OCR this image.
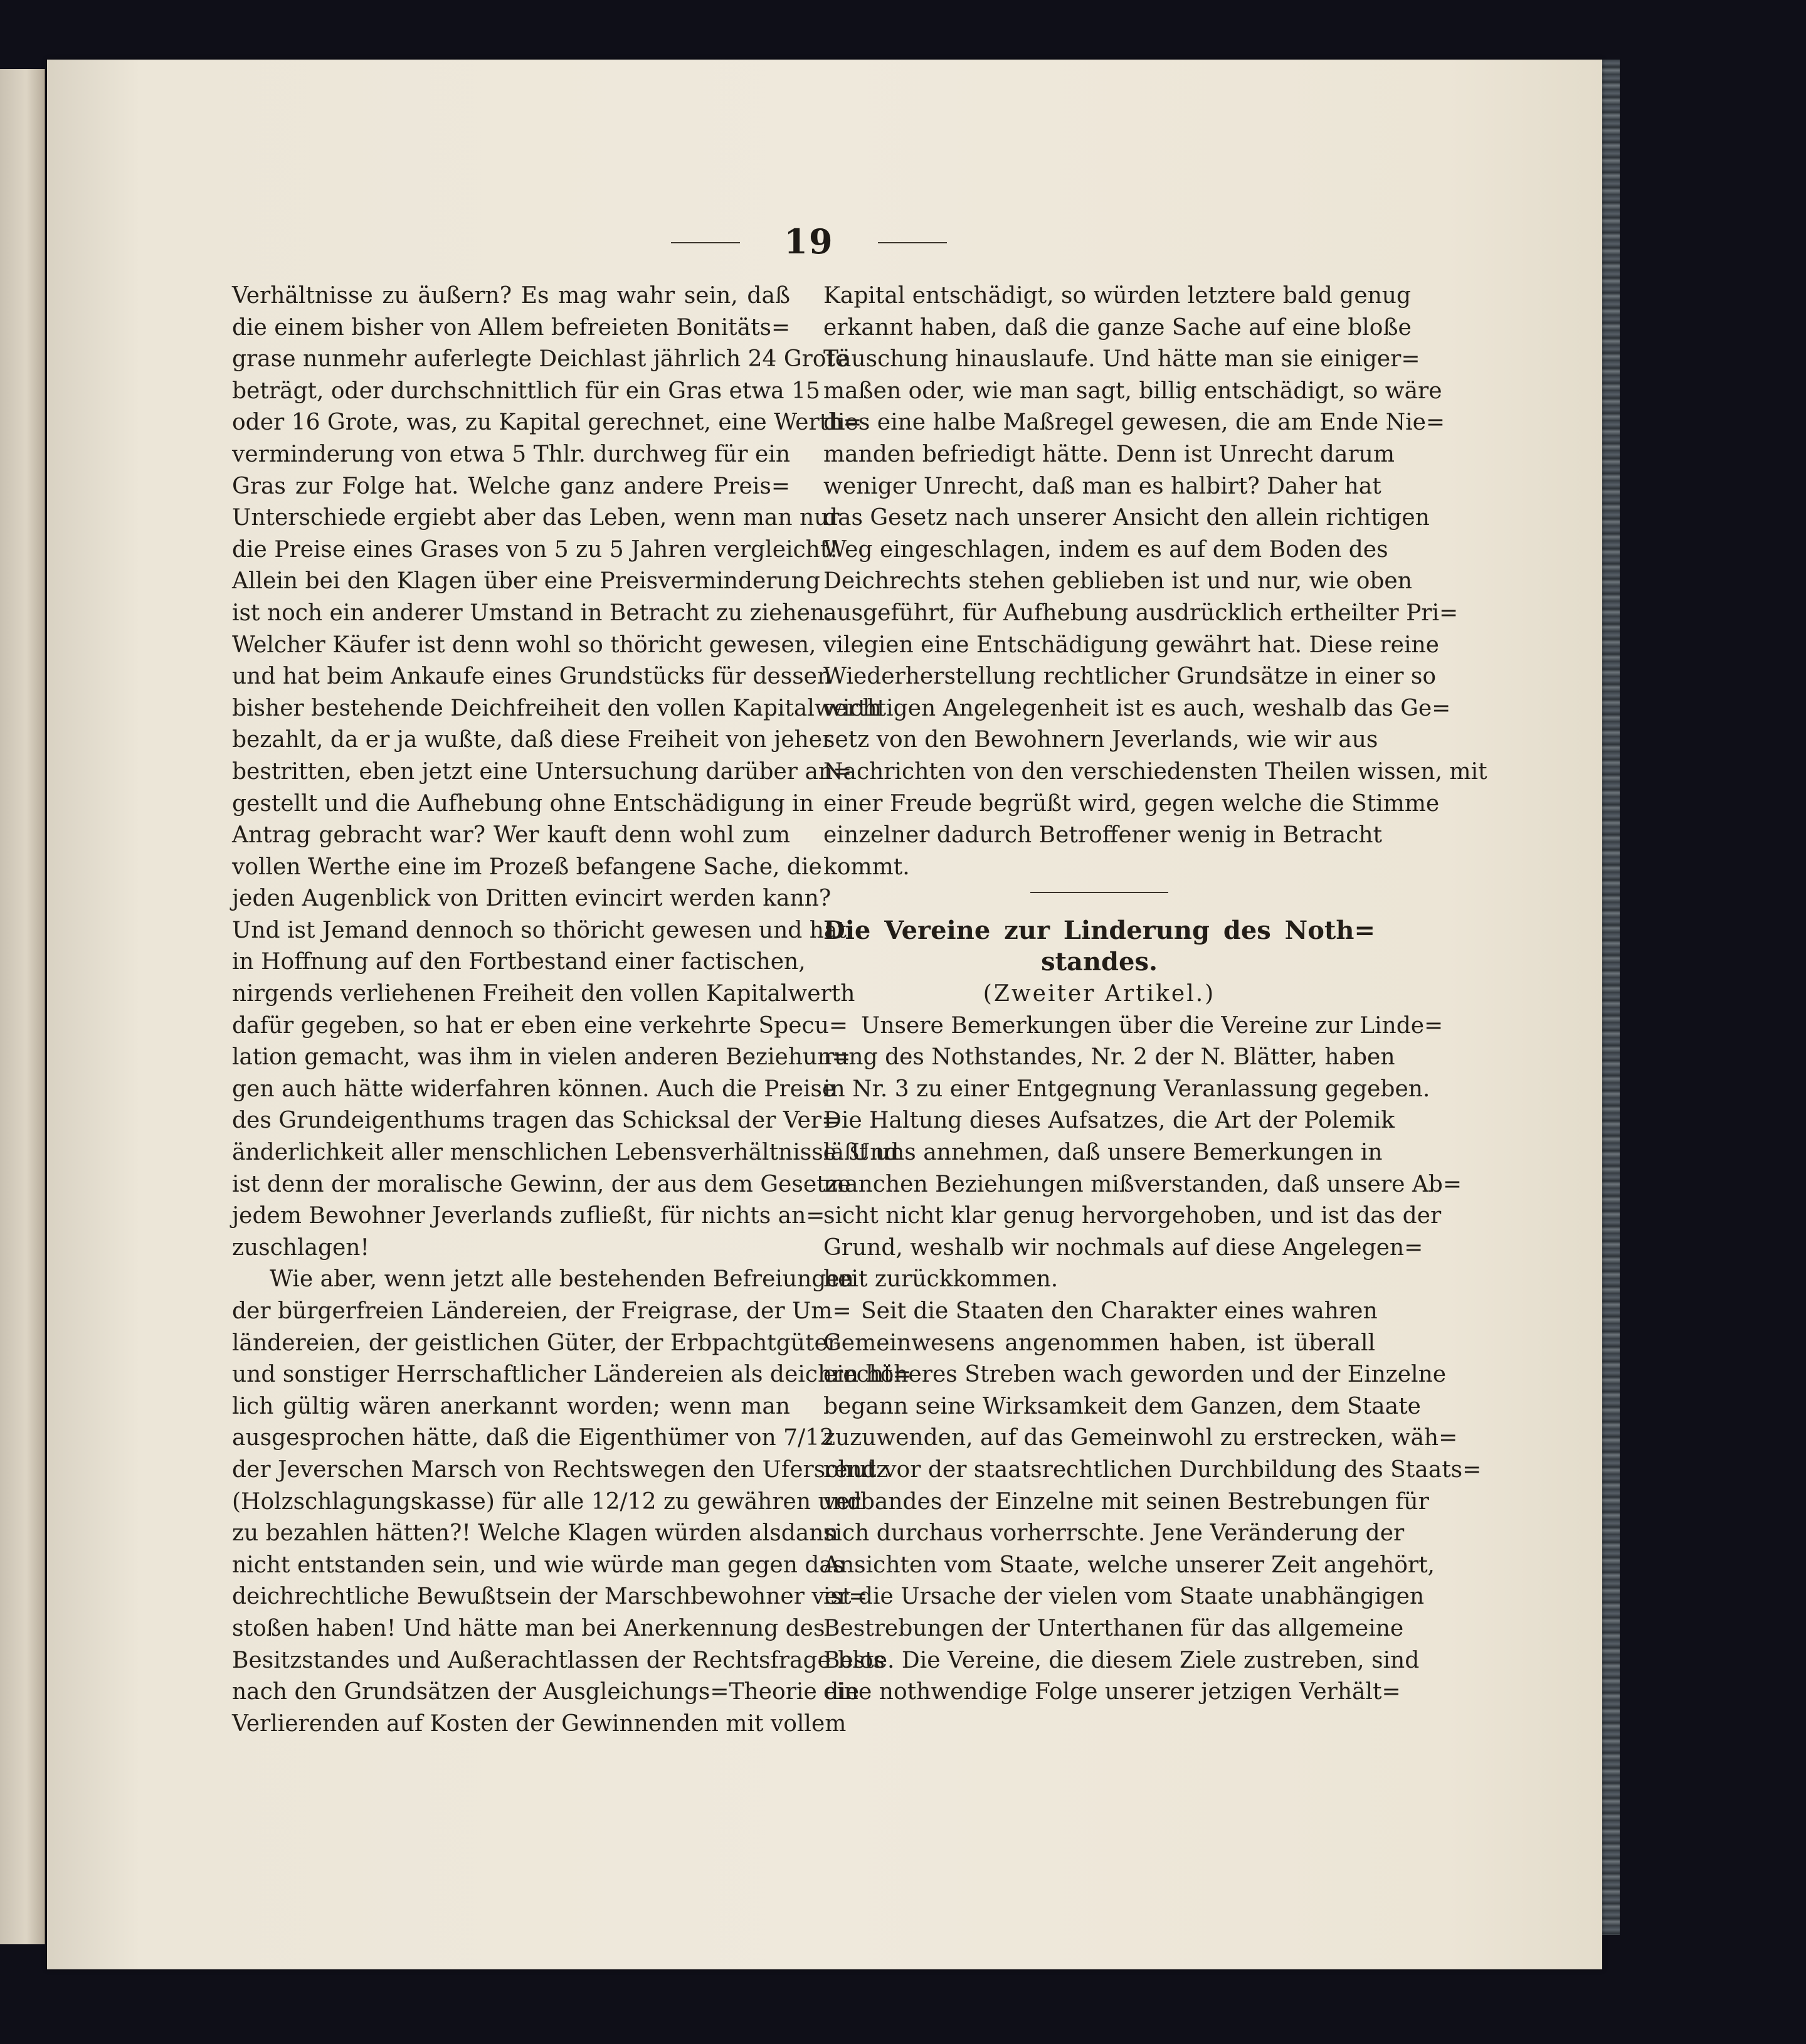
19
Verhältnisse zu äußern? Es mag wahr sein, daß
die einem bisher von Allem befreieten Bonitäts=
grase nunmehr auferlegte Deichlast jährlich 24 Grote
beträgt, oder durchschnittlich für ein Gras etwa 15
oder 16 Grote, was, zu Kapital gerechnet, eine Werth=
verminderung von etwa 5 Thlr. durchweg für ein
Gras zur Folge hat. Welche ganz andere Preis=
Unterschiede ergiebt aber das Leben, wenn man nur
die Preise eines Grases von 5 zu 5 Jahren vergleicht!
Allein bei den Klagen über eine Preisverminderung
ist noch ein anderer Umstand in Betracht zu ziehen.
Welcher Käufer ist denn wohl so thöricht gewesen,
und hat beim Ankaufe eines Grundstücks für dessen
bisher bestehende Deichfreiheit den vollen Kapitalwerth
bezahlt, da er ja wußte, daß diese Freiheit von jeher
bestritten, eben jetzt eine Untersuchung darüber an=
gestellt und die Aufhebung ohne Entschädigung in
Antrag gebracht war? Wer kauft denn wohl zum
vollen Werthe eine im Prozeß befangene Sache, die
jeden Augenblick von Dritten evincirt werden kann?
Und ist Jemand dennoch so thöricht gewesen und hat
in Hoffnung auf den Fortbestand einer factischen,
nirgends verliehenen Freiheit den vollen Kapitalwerth
dafür gegeben, so hat er eben eine verkehrte Specu=
lation gemacht, was ihm in vielen anderen Beziehun=
gen auch hätte widerfahren können. Auch die Preise
des Grundeigenthums tragen das Schicksal der Ver=
änderlichkeit aller menschlichen Lebensverhältnisse. Und
ist denn der moralische Gewinn, der aus dem Gesetze
jedem Bewohner Jeverlands zufließt, für nichts an=
zuschlagen!
Wie aber, wenn jetzt alle bestehenden Befreiungen
der bürgerfreien Ländereien, der Freigrase, der Um=
ländereien, der geistlichen Güter, der Erbpachtgüter
und sonstiger Herrschaftlicher Ländereien als deichrecht=
lich gültig wären anerkannt worden; wenn man
ausgesprochen hätte, daß die Eigenthümer von 7/12
der Jeverschen Marsch von Rechtswegen den Uferschutz
(Holzschlagungskasse) für alle 12/12 zu gewähren und
zu bezahlen hätten?! Welche Klagen würden alsdann
nicht entstanden sein, und wie würde man gegen das
deichrechtliche Bewußtsein der Marschbewohner ver=
stoßen haben! Und hätte man bei Anerkennung des
Besitzstandes und Außerachtlassen der Rechtsfrage blos
nach den Grundsätzen der Ausgleichungs=Theorie die
Verlierenden auf Kosten der Gewinnenden mit vollem
Kapital entschädigt, so würden letztere bald genug
erkannt haben, daß die ganze Sache auf eine bloße
Täuschung hinauslaufe. Und hätte man sie einiger=
maßen oder, wie man sagt, billig entschädigt, so wäre
dies eine halbe Maßregel gewesen, die am Ende Nie=
manden befriedigt hätte. Denn ist Unrecht darum
weniger Unrecht, daß man es halbirt? Daher hat
das Gesetz nach unserer Ansicht den allein richtigen
Weg eingeschlagen, indem es auf dem Boden des
Deichrechts stehen geblieben ist und nur, wie oben
ausgeführt, für Aufhebung ausdrücklich ertheilter Pri=
vilegien eine Entschädigung gewährt hat. Diese reine
Wiederherstellung rechtlicher Grundsätze in einer so
wichtigen Angelegenheit ist es auch, weshalb das Ge=
setz von den Bewohnern Jeverlands, wie wir aus
Nachrichten von den verschiedensten Theilen wissen, mit
einer Freude begrüßt wird, gegen welche die Stimme
einzelner dadurch Betroffener wenig in Betracht
kommt.
Die Vereine zur Linderung des Noth=
standes.
(Zweiter Artikel.)
Unsere Bemerkungen über die Vereine zur Linde=
rung des Nothstandes, Nr. 2 der N. Blätter, haben
in Nr. 3 zu einer Entgegnung Veranlassung gegeben.
Die Haltung dieses Aufsatzes, die Art der Polemik
läßt uns annehmen, daß unsere Bemerkungen in
manchen Beziehungen mißverstanden, daß unsere Ab=
sicht nicht klar genug hervorgehoben, und ist das der
Grund, weshalb wir nochmals auf diese Angelegen=
heit zurückkommen.
Seit die Staaten den Charakter eines wahren
Gemeinwesens angenommen haben, ist überall
ein höheres Streben wach geworden und der Einzelne
begann seine Wirksamkeit dem Ganzen, dem Staate
zuzuwenden, auf das Gemeinwohl zu erstrecken, wäh=
rend vor der staatsrechtlichen Durchbildung des Staats=
verbandes der Einzelne mit seinen Bestrebungen für
sich durchaus vorherrschte. Jene Veränderung der
Ansichten vom Staate, welche unserer Zeit angehört,
ist die Ursache der vielen vom Staate unabhängigen
Bestrebungen der Unterthanen für das allgemeine
Beste. Die Vereine, die diesem Ziele zustreben, sind
eine nothwendige Folge unserer jetzigen Verhält=
